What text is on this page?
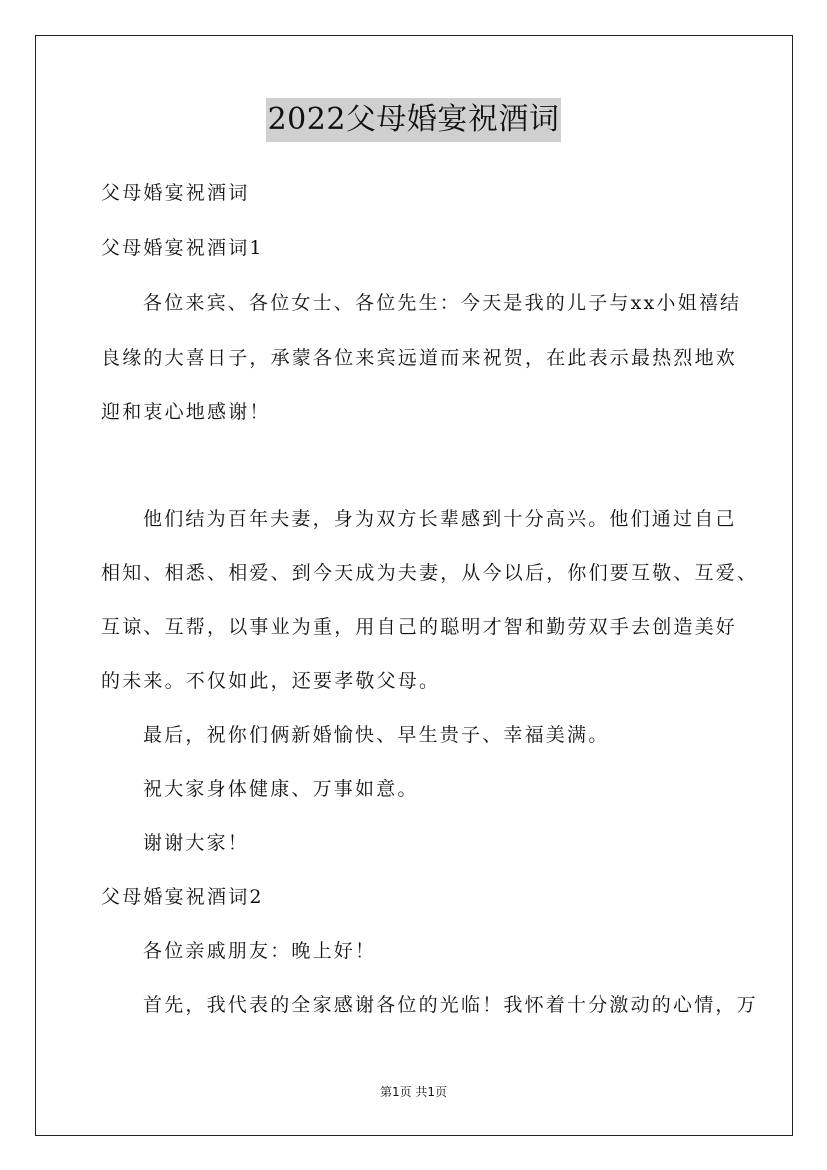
2022父母婚宴祝酒词
父母婚宴祝酒词
父母婚宴祝酒词1
各位来宾、各位女士、各位先生：今天是我的儿子与xx小姐禧结
良缘的大喜日子，承蒙各位来宾远道而来祝贺，在此表示最热烈地欢
迎和衷心地感谢！
他们结为百年夫妻，身为双方长辈感到十分高兴。他们通过自己
相知、相悉、相爱、到今天成为夫妻，从今以后，你们要互敬、互爱、
互谅、互帮，以事业为重，用自己的聪明才智和勤劳双手去创造美好
的未来。不仅如此，还要孝敬父母。
最后，祝你们俩新婚愉快、早生贵子、幸福美满。
祝大家身体健康、万事如意。
谢谢大家！
父母婚宴祝酒词2
各位亲戚朋友：晚上好！
首先，我代表的全家感谢各位的光临！我怀着十分激动的心情，万
第1页 共1页
